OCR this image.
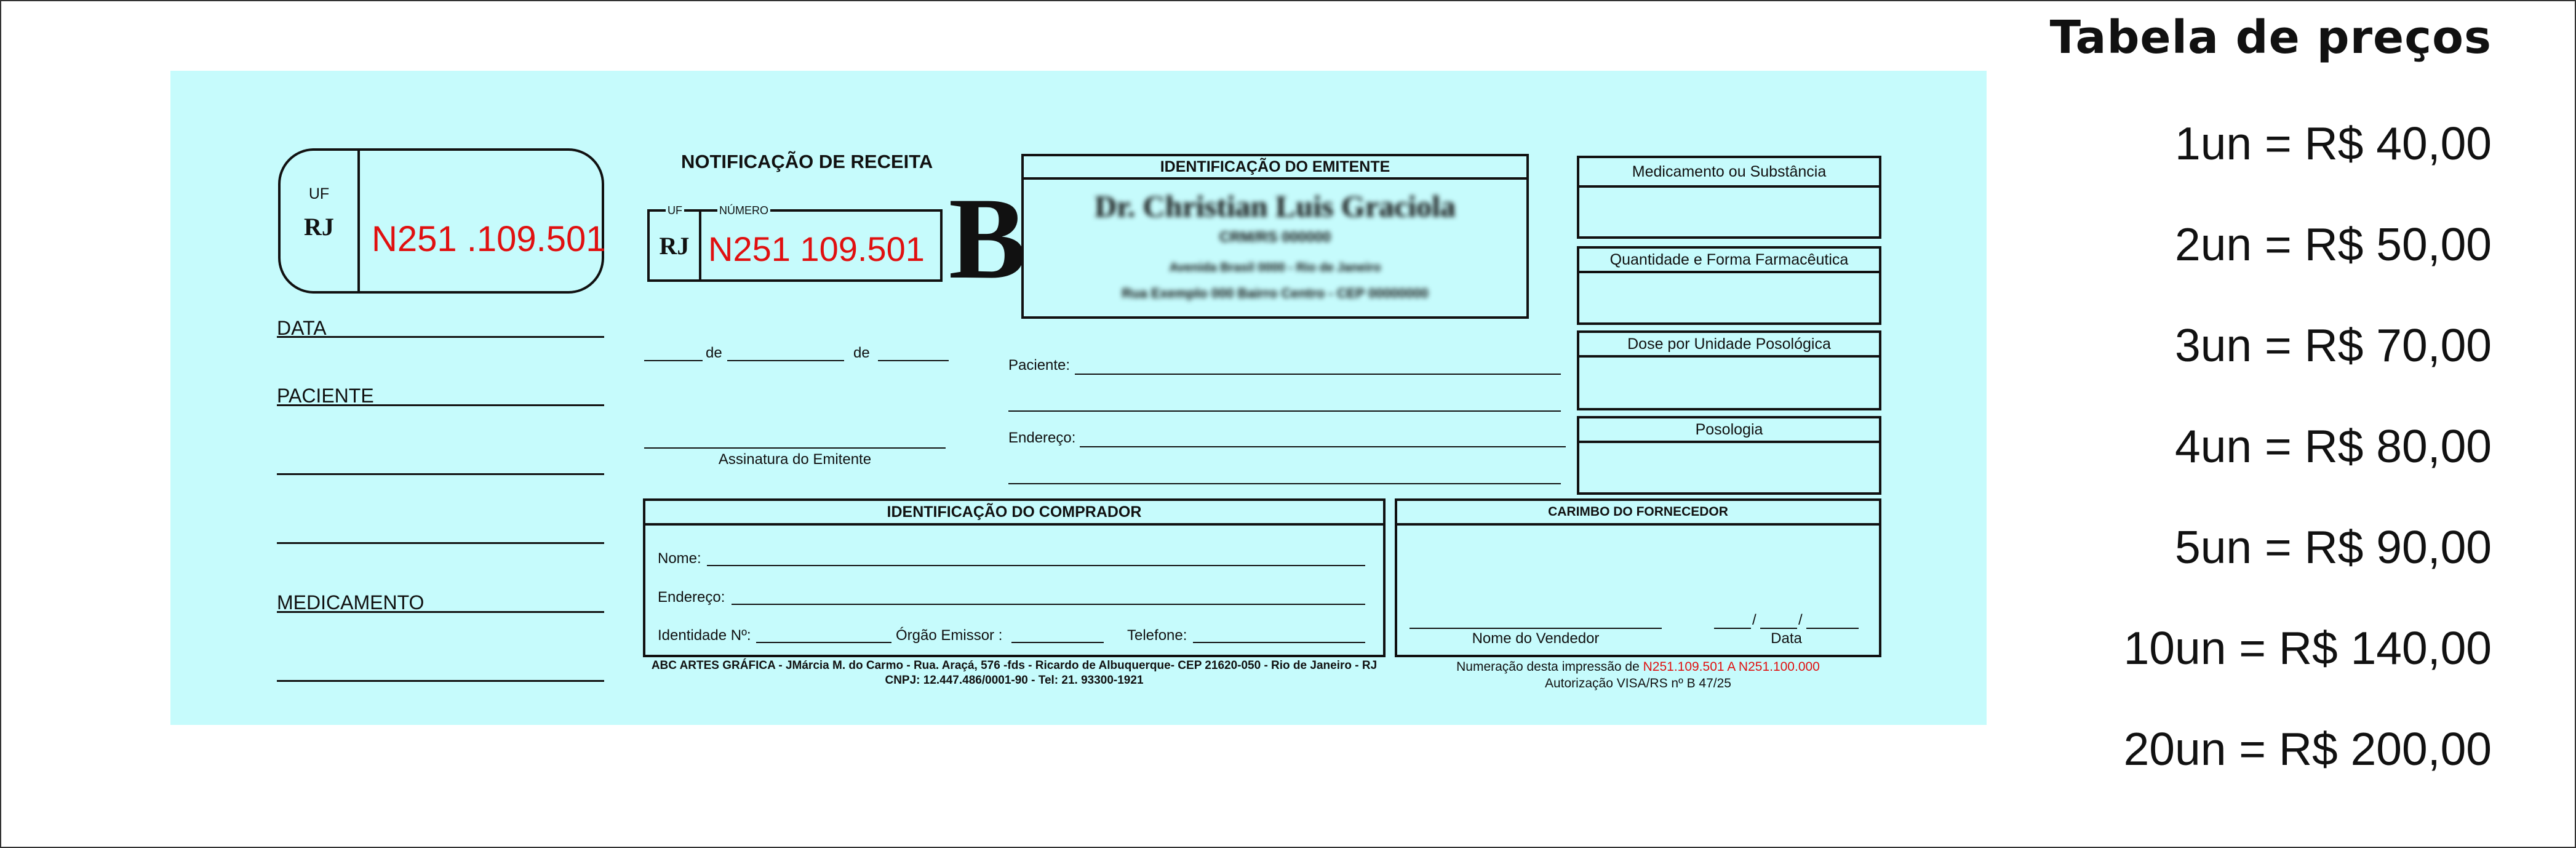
UF
RJ	N251 .109.501
DATA
PACIENTE
MEDICAMENTO
NOTIFICAÇÃO DE RECEITA
UF	NÚMERO
RJ N251 109.501 B
de	de
Assinatura do Emitente
IDENTIFICAÇÃO DO EMITENTE
Dr. Christian Luis Graciola
CRM/RS 000000
Avenida Brasil 0000 - Rio de Janeiro
Rua Exemplo 000 Bairro Centro - CEP 00000000
Paciente:
Endereço:
Medicamento ou Substância
Quantidade e Forma Farmacêutica
Dose por Unidade Posológica
Posologia
IDENTIFICAÇÃO DO COMPRADOR
Nome:
Endereço:
Identidade Nº:	Órgão Emissor :	Telefone:
CARIMBO DO FORNECEDOR
Nome do Vendedor
/	/
Data
ABC ARTES GRÁFICA - JMárcia M. do Carmo - Rua. Araçá, 576 -fds - Ricardo de Albuquerque- CEP 21620-050 - Rio de Janeiro - RJ
CNPJ: 12.447.486/0001-90 - Tel: 21. 93300-1921
Numeração desta impressão de N251.109.501 A N251.100.000
Autorização VISA/RS nº B 47/25
Tabela de preços
1un = R$ 40,00
2un = R$ 50,00
3un = R$ 70,00
4un = R$ 80,00
5un = R$ 90,00
10un = R$ 140,00
20un = R$ 200,00
